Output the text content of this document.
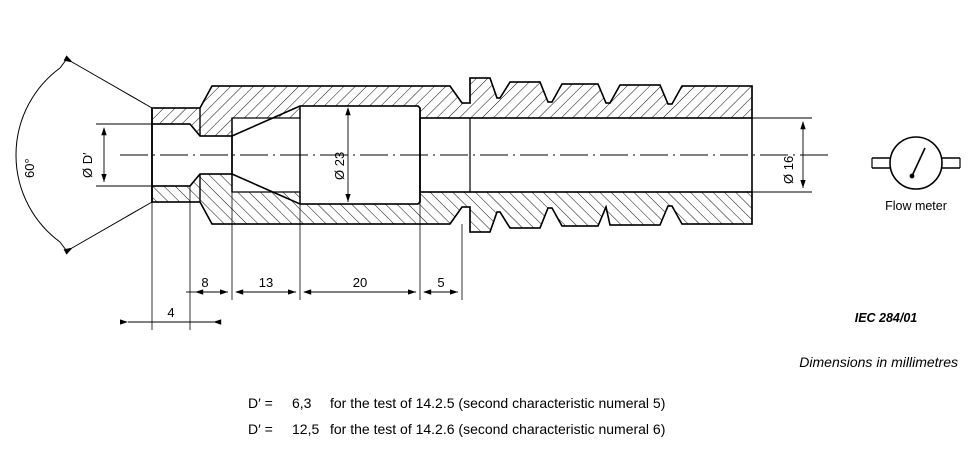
60°	Ø D′	Ø 23	Ø 16
8	13	20	5
4
Flow meter
IEC 284/01
Dimensions in millimetres
D′ = 6,3 for the test of 14.2.5 (second characteristic numeral 5)
D′ = 12,5 for the test of 14.2.6 (second characteristic numeral 6)
